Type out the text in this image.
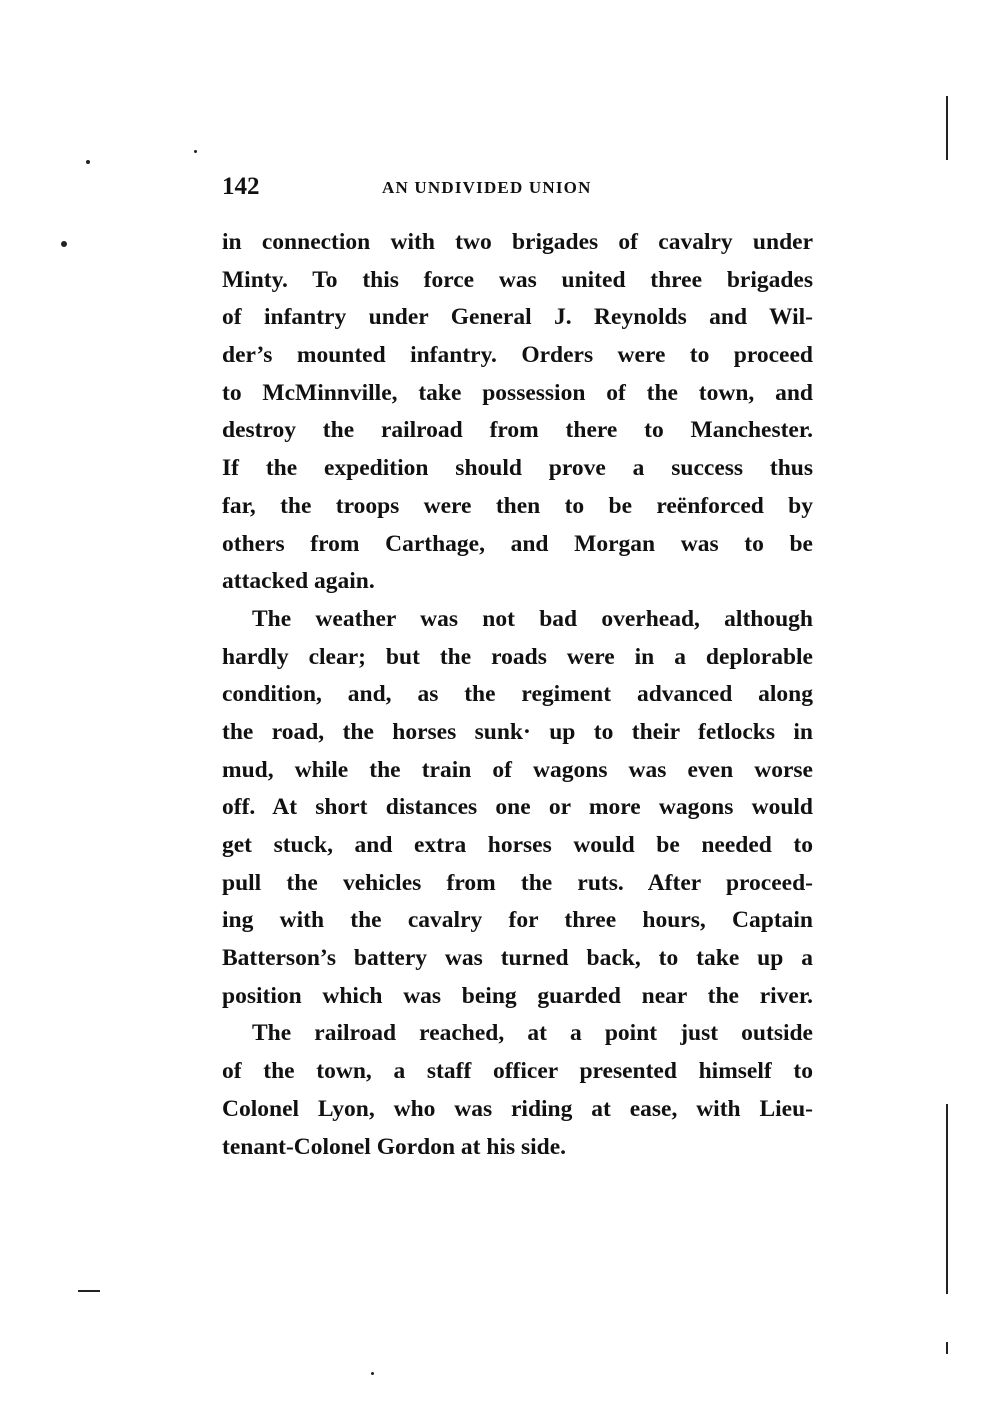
142	AN UNDIVIDED UNION
in connection with two brigades of cavalry under
Minty. To this force was united three brigades
of infantry under General J. Reynolds and Wil-
der’s mounted infantry. Orders were to proceed
to McMinnville, take possession of the town, and
destroy the railroad from there to Manchester.
If the expedition should prove a success thus
far, the troops were then to be reënforced by
others from Carthage, and Morgan was to be
attacked again.
The weather was not bad overhead, although
hardly clear; but the roads were in a deplorable
condition, and, as the regiment advanced along
the road, the horses sunk· up to their fetlocks in
mud, while the train of wagons was even worse
off. At short distances one or more wagons would
get stuck, and extra horses would be needed to
pull the vehicles from the ruts. After proceed-
ing with the cavalry for three hours, Captain
Batterson’s battery was turned back, to take up a
position which was being guarded near the river.
The railroad reached, at a point just outside
of the town, a staff officer presented himself to
Colonel Lyon, who was riding at ease, with Lieu-
tenant-Colonel Gordon at his side.
